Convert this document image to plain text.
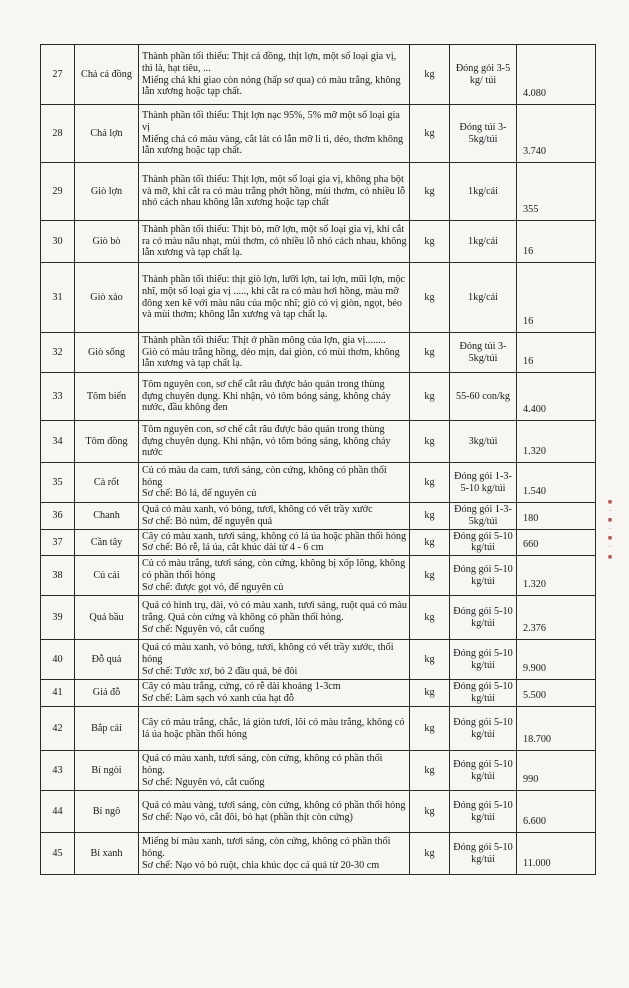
27	Chả cá đồng	Thành phần tối thiểu: Thịt cá đồng, thịt lợn, một số loại gia vị, thì là, hạt tiêu, ...
Miếng chả khi giao còn nóng (hấp sơ qua) có màu trắng, không lẫn xương hoặc tạp chất.	kg	Đóng gói 3-5 kg/ túi	4.080
28	Chả lợn	Thành phần tối thiểu: Thịt lợn nạc 95%, 5% mỡ một số loại gia vị
Miếng chả có màu vàng, cắt lát có lẫn mỡ li ti, dẻo, thơm không lẫn xương hoặc tạp chất.	kg	Đóng túi 3-5kg/túi	3.740
29	Giò lợn	Thành phần tối thiểu: Thịt lợn, một số loại gia vị, không pha bột và mỡ, khi cắt ra có màu trắng phớt hồng, mùi thơm, có nhiều lỗ nhỏ cách nhau không lẫn xương hoặc tạp chất	kg	1kg/cái	355
30	Giò bò	Thành phần tối thiểu: Thịt bò, mỡ lợn, một số loại gia vị, khi cắt ra có màu nâu nhạt, mùi thơm, có nhiều lỗ nhỏ cách nhau, không lẫn xương và tạp chất lạ.	kg	1kg/cái	16
31	Giò xào	Thành phần tối thiểu: thịt giò lợn, lưỡi lợn, tai lợn, mũi lợn, mộc nhĩ, một số loại gia vị ....., khi cắt ra có màu hơi hồng, màu mỡ đông xen kẽ với màu nâu của mộc nhĩ; giò có vị giòn, ngọt, béo và mùi thơm; không lẫn xương và tạp chất lạ.	kg	1kg/cái	16
32	Giò sống	Thành phần tối thiểu: Thịt ở phần mông của lợn, gia vị........
Giò có màu trắng hồng, dẻo mịn, dai giòn, có mùi thơm, không lẫn xương và tạp chất lạ.	kg	Đóng túi 3-5kg/túi	16
33	Tôm biển	Tôm nguyên con, sơ chế cắt râu được bảo quản trong thùng đựng chuyên dụng. Khi nhận, vỏ tôm bóng sáng, không chảy nước, đầu không đen	kg	55-60 con/kg	4.400
34	Tôm đồng	Tôm nguyên con, sơ chế cắt râu được bảo quản trong thùng đựng chuyên dụng. Khi nhận, vỏ tôm bóng sáng, không chảy nước	kg	3kg/túi	1.320
35	Cà rốt	Củ có màu da cam, tươi sáng, còn cứng, không có phần thối hỏng
Sơ chế: Bỏ lá, để nguyên củ	kg	Đóng gói 1-3-5-10 kg/túi	1.540
36	Chanh	Quả có màu xanh, vỏ bóng, tươi, không có vết trầy xước
Sơ chế: Bỏ núm, để nguyên quả	kg	Đóng gói 1-3-5kg/túi	180
37	Cần tây	Cây có màu xanh, tươi sáng, không có lá úa hoặc phần thối hỏng
Sơ chế: Bỏ rễ, lá úa, cắt khúc dài từ 4 - 6 cm	kg	Đóng gói 5-10 kg/túi	660
38	Củ cải	Củ có màu trắng, tươi sáng, còn cứng, không bị xốp lõng, không có phần thối hỏng
Sơ chế: được gọt vỏ, để nguyên củ	kg	Đóng gói 5-10 kg/túi	1.320
39	Quả bầu	Quả có hình trụ, dài, vỏ có màu xanh, tươi sáng, ruột quả có màu trắng. Quả còn cứng và không có phần thối hỏng.
Sơ chế: Nguyên vỏ, cắt cuống	kg	Đóng gói 5-10 kg/túi	2.376
40	Đỗ quả	Quả có màu xanh, vỏ bóng, tươi, không có vết trầy xước, thối hỏng
Sơ chế: Tước xơ, bỏ 2 đầu quả, bẻ đôi	kg	Đóng gói 5-10 kg/túi	9.900
41	Giá đỗ	Cây có màu trắng, cứng, có rễ dài khoảng 1-3cm
Sơ chế: Làm sạch vỏ xanh của hạt đỗ	kg	Đóng gói 5-10 kg/túi	5.500
42	Bắp cải	Cây có màu trắng, chắc, lá giòn tươi, lõi có màu trắng, không có lá úa hoặc phần thối hỏng	kg	Đóng gói 5-10 kg/túi	18.700
43	Bí ngòi	Quả có màu xanh, tươi sáng, còn cứng, không có phần thối hỏng.
Sơ chế: Nguyên vỏ, cắt cuống	kg	Đóng gói 5-10 kg/túi	990
44	Bí ngô	Quả có màu vàng, tươi sáng, còn cứng, không có phần thối hỏng
Sơ chế: Nạo vỏ, cắt đôi, bỏ hạt (phần thịt còn cứng)	kg	Đóng gói 5-10 kg/túi	6.600
45	Bí xanh	Miếng bí màu xanh, tươi sáng, còn cứng, không có phần thối hỏng.
Sơ chế: Nạo vỏ bỏ ruột, chia khúc dọc cả quả từ 20-30 cm	kg	Đóng gói 5-10 kg/túi	11.000
■
·
■
·
■
·
■
